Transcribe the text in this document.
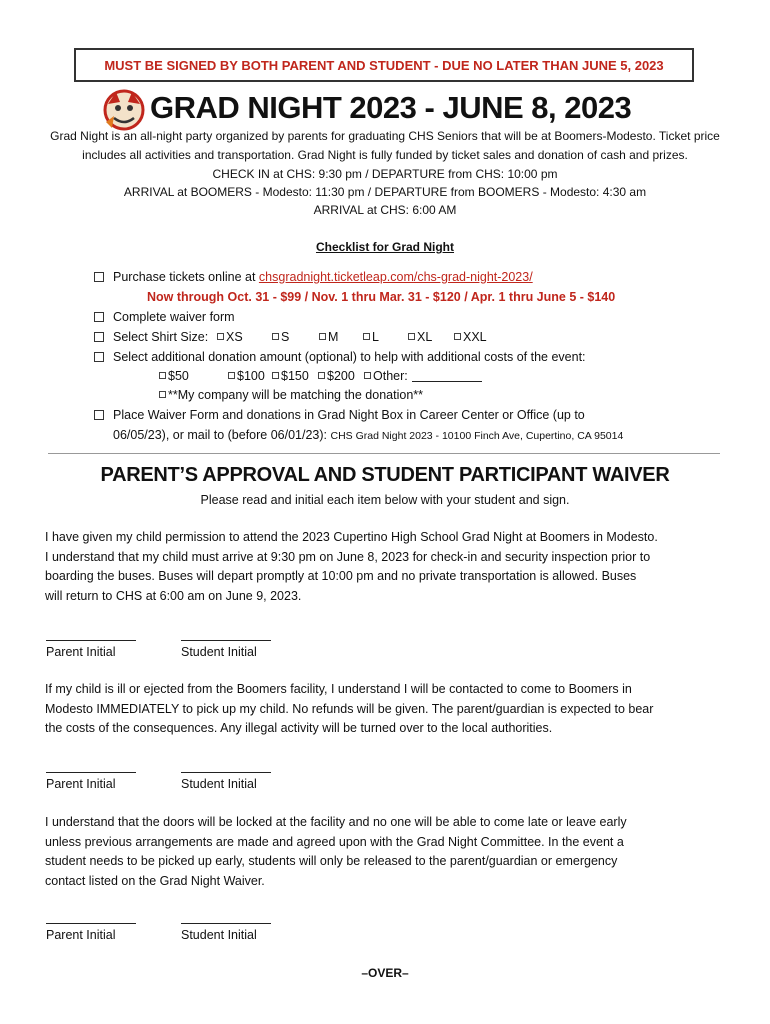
MUST BE SIGNED BY BOTH PARENT AND STUDENT - DUE NO LATER THAN JUNE 5, 2023
GRAD NIGHT 2023 - JUNE 8, 2023
Grad Night is an all-night party organized by parents for graduating CHS Seniors that will be at Boomers-Modesto. Ticket price
includes all activities and transportation. Grad Night is fully funded by ticket sales and donation of cash and prizes.
CHECK IN at CHS: 9:30 pm / DEPARTURE from CHS: 10:00 pm
ARRIVAL at BOOMERS - Modesto: 11:30 pm / DEPARTURE from BOOMERS - Modesto: 4:30 am
ARRIVAL at CHS: 6:00 AM
Checklist for Grad Night
Purchase tickets online at chsgradnight.ticketleap.com/chs-grad-night-2023/
Now through Oct. 31 - $99 / Nov. 1 thru Mar. 31 - $120 / Apr. 1 thru June 5 - $140
Complete waiver form
Select Shirt Size:	XS	S	M	L	XL	XXL
Select additional donation amount (optional) to help with additional costs of the event:
$50	$100	$150	$200	Other:
**My company will be matching the donation**
Place Waiver Form and donations in Grad Night Box in Career Center or Office (up to
06/05/23), or mail to (before 06/01/23): CHS Grad Night 2023 - 10100 Finch Ave, Cupertino, CA 95014
PARENT’S APPROVAL AND STUDENT PARTICIPANT WAIVER
Please read and initial each item below with your student and sign.
I have given my child permission to attend the 2023 Cupertino High School Grad Night at Boomers in Modesto.
I understand that my child must arrive at 9:30 pm on June 8, 2023 for check-in and security inspection prior to
boarding the buses. Buses will depart promptly at 10:00 pm and no private transportation is allowed. Buses
will return to CHS at 6:00 am on June 9, 2023.
Parent Initial	Student Initial
If my child is ill or ejected from the Boomers facility, I understand I will be contacted to come to Boomers in
Modesto IMMEDIATELY to pick up my child. No refunds will be given. The parent/guardian is expected to bear
the costs of the consequences. Any illegal activity will be turned over to the local authorities.
Parent Initial	Student Initial
I understand that the doors will be locked at the facility and no one will be able to come late or leave early
unless previous arrangements are made and agreed upon with the Grad Night Committee. In the event a
student needs to be picked up early, students will only be released to the parent/guardian or emergency
contact listed on the Grad Night Waiver.
Parent Initial	Student Initial
–OVER–
